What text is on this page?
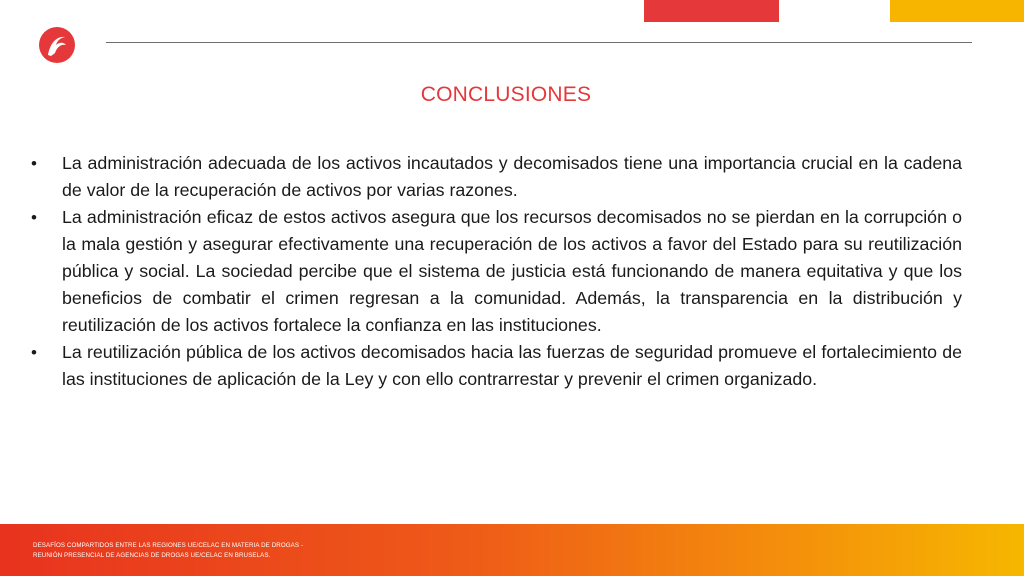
CONCLUSIONES
• La administración adecuada de los activos incautados y decomisados tiene una importancia crucial en la cadena de valor de la recuperación de activos por varias razones.
• La administración eficaz de estos activos asegura que los recursos decomisados no se pierdan en la corrupción o la mala gestión y asegurar efectivamente una recuperación de los activos a favor del Estado para su reutilización pública y social. La sociedad percibe que el sistema de justicia está funcionando de manera equitativa y que los beneficios de combatir el crimen regresan a la comunidad. Además, la transparencia en la distribución y reutilización de los activos fortalece la confianza en las instituciones.
• La reutilización pública de los activos decomisados hacia las fuerzas de seguridad promueve el fortalecimiento de las instituciones de aplicación de la Ley y con ello contrarrestar y prevenir el crimen organizado.
DESAFÍOS COMPARTIDOS ENTRE LAS REGIONES UE/CELAC EN MATERIA DE DROGAS -
REUNIÓN PRESENCIAL DE AGENCIAS DE DROGAS UE/CELAC EN BRUSELAS.
